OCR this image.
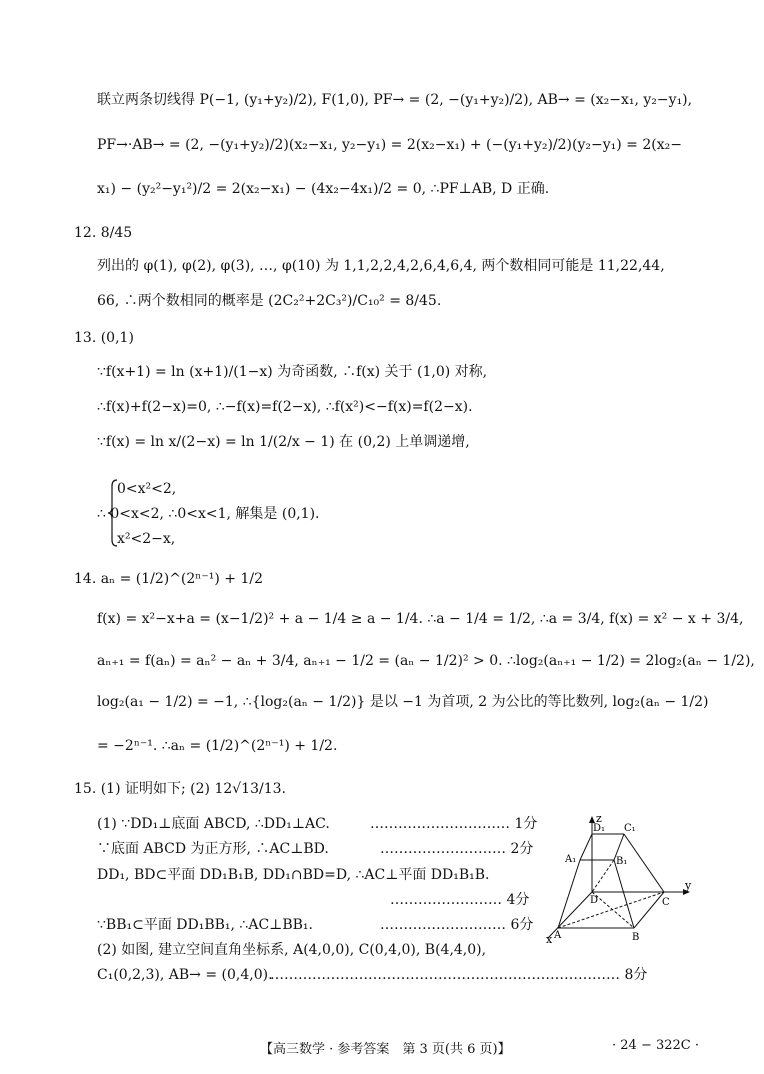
联立两条切线得 P(−1, (y₁+y₂)/2), F(1,0), PF→ = (2, −(y₁+y₂)/2), AB→ = (x₂−x₁, y₂−y₁),
PF→·AB→ = (2, −(y₁+y₂)/2)(x₂−x₁, y₂−y₁) = 2(x₂−x₁) + (−(y₁+y₂)/2)(y₂−y₁) = 2(x₂−
x₁) − (y₂²−y₁²)/2 = 2(x₂−x₁) − (4x₂−4x₁)/2 = 0, ∴PF⊥AB, D 正确.
12. 8/45
列出的 φ(1), φ(2), φ(3), …, φ(10) 为 1,1,2,2,4,2,6,4,6,4, 两个数相同可能是 11,22,44,
66, ∴两个数相同的概率是 (2C₂²+2C₃²)/C₁₀² = 8/45.
13. (0,1)
∵f(x+1) = ln (x+1)/(1−x) 为奇函数, ∴f(x) 关于 (1,0) 对称,
∴f(x)+f(2−x)=0, ∴−f(x)=f(2−x), ∴f(x²)<−f(x)=f(2−x).
∵f(x) = ln x/(2−x) = ln 1/(2/x − 1) 在 (0,2) 上单调递增,
0<x²<2,
∴ 0<x<2, ∴0<x<1, 解集是 (0,1).
x²<2−x,
14. aₙ = (1/2)^(2ⁿ⁻¹) + 1/2
f(x) = x²−x+a = (x−1/2)² + a − 1/4 ≥ a − 1/4. ∴a − 1/4 = 1/2, ∴a = 3/4, f(x) = x² − x + 3/4,
aₙ₊₁ = f(aₙ) = aₙ² − aₙ + 3/4, aₙ₊₁ − 1/2 = (aₙ − 1/2)² > 0. ∴log₂(aₙ₊₁ − 1/2) = 2log₂(aₙ − 1/2),
log₂(a₁ − 1/2) = −1, ∴{log₂(aₙ − 1/2)} 是以 −1 为首项, 2 为公比的等比数列, log₂(aₙ − 1/2)
= −2ⁿ⁻¹. ∴aₙ = (1/2)^(2ⁿ⁻¹) + 1/2.
15. (1) 证明如下; (2) 12√13/13.
(1) ∵DD₁⊥底面 ABCD, ∴DD₁⊥AC.	………………………… 1分
∵底面 ABCD 为正方形, ∴AC⊥BD.	……………………… 2分
DD₁, BD⊂平面 DD₁B₁B, DD₁∩BD=D, ∴AC⊥平面 DD₁B₁B.
…………………… 4分
∵BB₁⊂平面 DD₁BB₁, ∴AC⊥BB₁.	……………………… 6分
(2) 如图, 建立空间直角坐标系, A(4,0,0), C(0,4,0), B(4,4,0),
C₁(0,2,3), AB→ = (0,4,0).
………………………………………………………………… 8分
z
y
x
D₁ C₁
A₁	B₁
D	C
A	B
【高三数学 · 参考答案　第 3 页(共 6 页)】	· 24 − 322C ·
